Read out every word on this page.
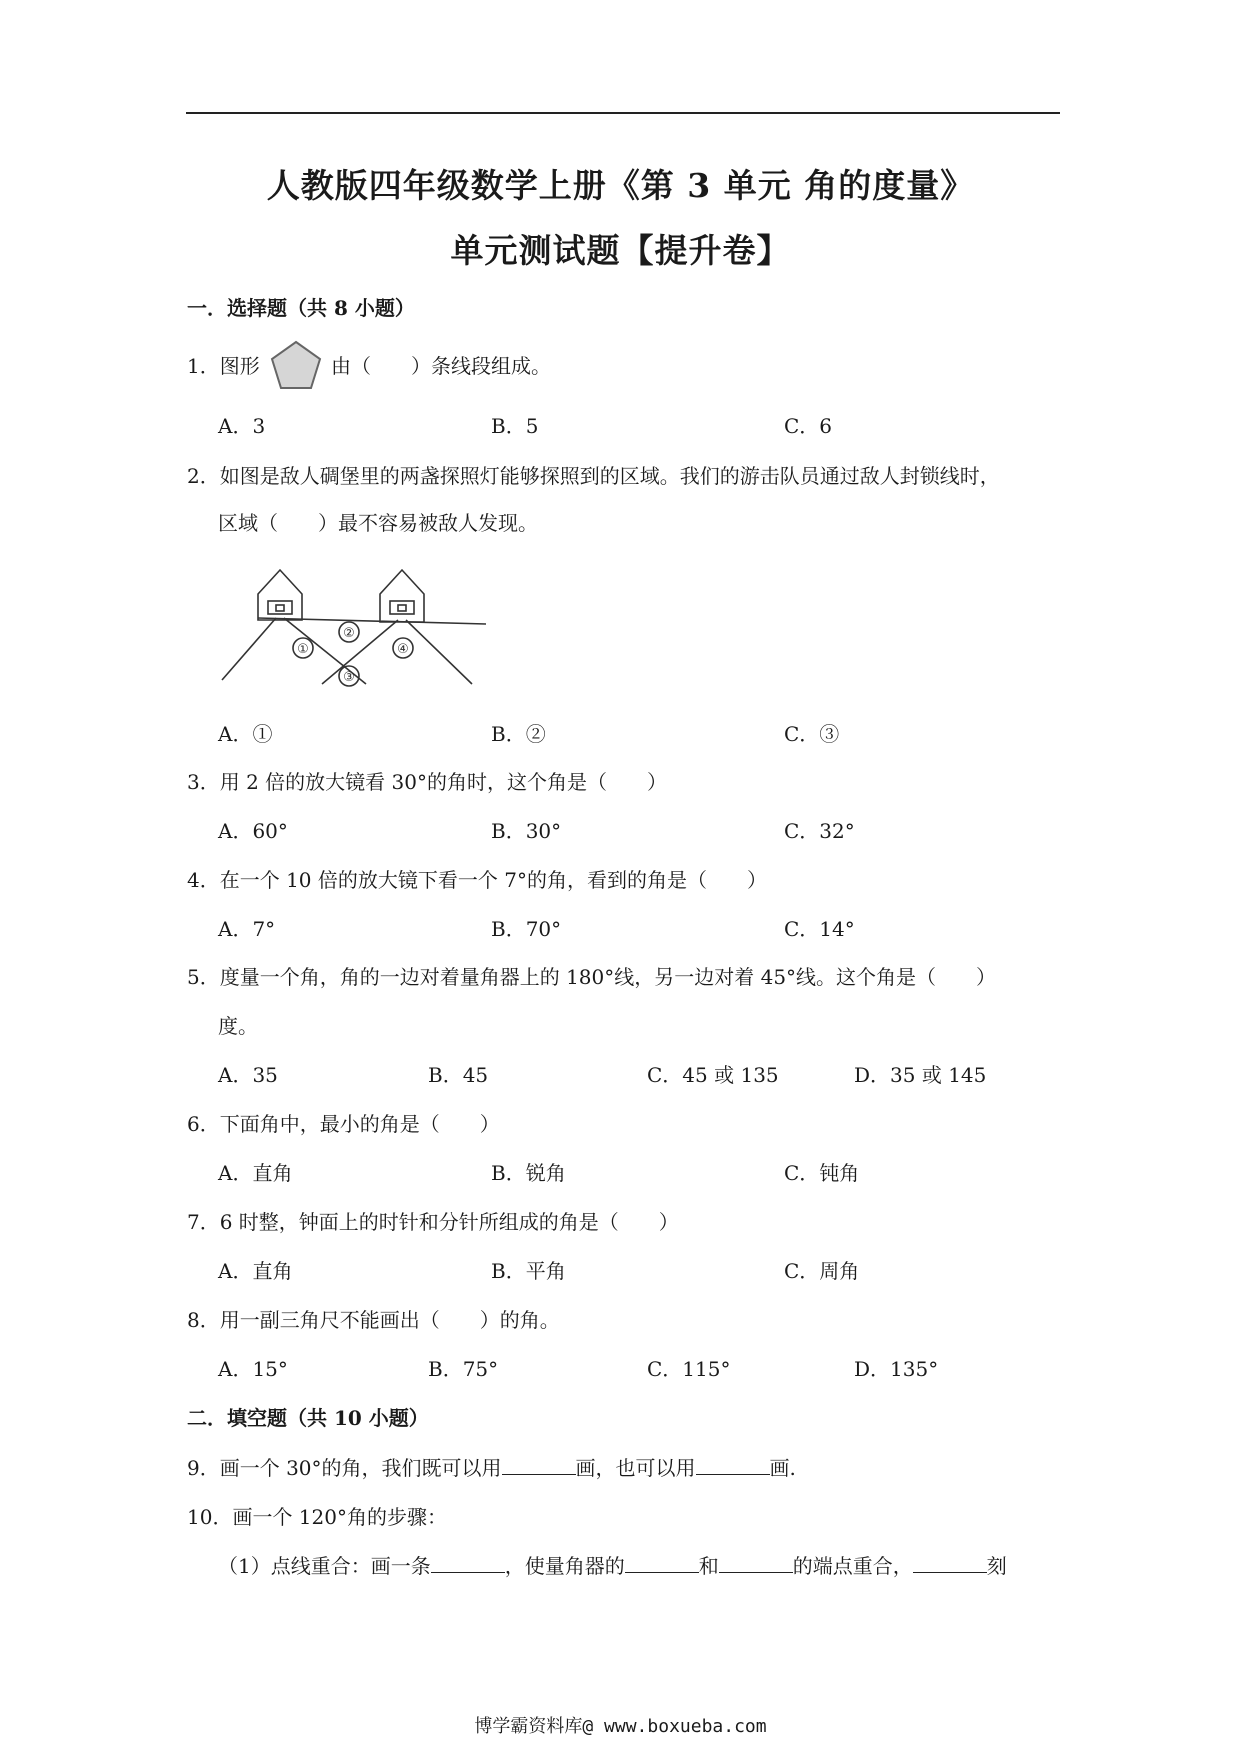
人教版四年级数学上册《第 3 单元 角的度量》
单元测试题【提升卷】
一．选择题（共 8 小题）
1．图形	由（　　）条线段组成。
A．3	B．5	C．6
2．如图是敌人碉堡里的两盏探照灯能够探照到的区域。我们的游击队员通过敌人封锁线时，
区域（　　）最不容易被敌人发现。
①
②
③
④
A．①	B．②	C．③
3．用 2 倍的放大镜看 30°的角时，这个角是（　　）
A．60°	B．30°	C．32°
4．在一个 10 倍的放大镜下看一个 7°的角，看到的角是（　　）
A．7°	B．70°	C．14°
5．度量一个角，角的一边对着量角器上的 180°线，另一边对着 45°线。这个角是（　　）
度。
A．35	B．45	C．45 或 135	D．35 或 145
6．下面角中，最小的角是（　　）
A．直角	B．锐角	C．钝角
7．6 时整，钟面上的时针和分针所组成的角是（　　）
A．直角	B．平角	C．周角
8．用一副三角尺不能画出（　　）的角。
A．15°	B．75°	C．115°	D．135°
二．填空题（共 10 小题）
9．画一个 30°的角，我们既可以用	画，也可以用	画.
10．画一个 120°角的步骤：
（1）点线重合：画一条	，使量角器的	和	的端点重合，	刻
博学霸资料库@ www.boxueba.com
